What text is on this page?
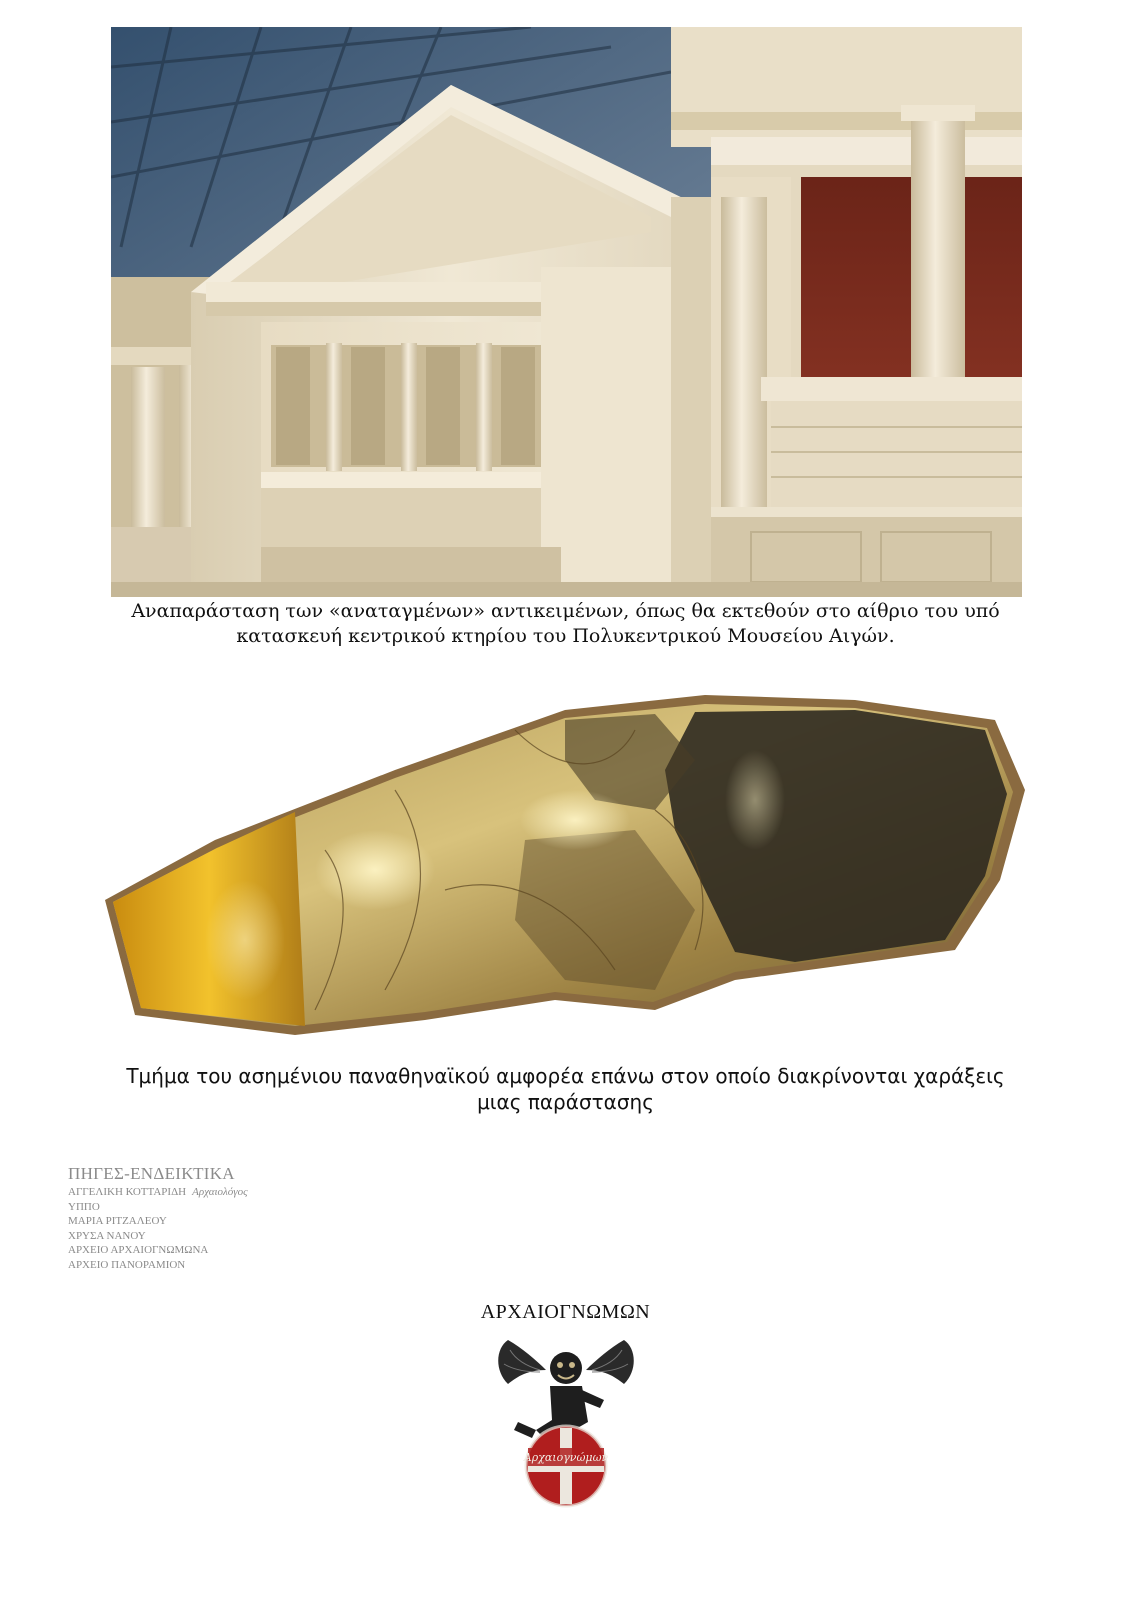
Αναπαράσταση των «αναταγμένων» αντικειμένων, όπως θα εκτεθούν στο αίθριο του υπό
κατασκευή κεντρικού κτηρίου του Πολυκεντρικού Μουσείου Αιγών.
Τμήμα του ασημένιου παναθηναϊκού αμφορέα επάνω στον οποίο διακρίνονται χαράξεις
μιας παράστασης
ΠΗΓΕΣ-ΕΝΔΕΙΚΤΙΚΑ
ΑΓΓΕΛΙΚΗ ΚΟΤΤΑΡΙΔΗ Αρχαιολόγος
ΥΠΠΟ
ΜΑΡΙΑ ΡΙΤΖΑΛΕΟΥ
ΧΡΥΣΑ ΝΑΝΟΥ
ΑΡΧΕΙΟ ΑΡΧΑΙΟΓΝΩΜΩΝΑ
ΑΡΧΕΙΟ ΠΑΝΟΡΑΜΙΟΝ
ΑΡΧΑΙΟΓΝΩΜΩΝ
Αρχαιογνώμων
